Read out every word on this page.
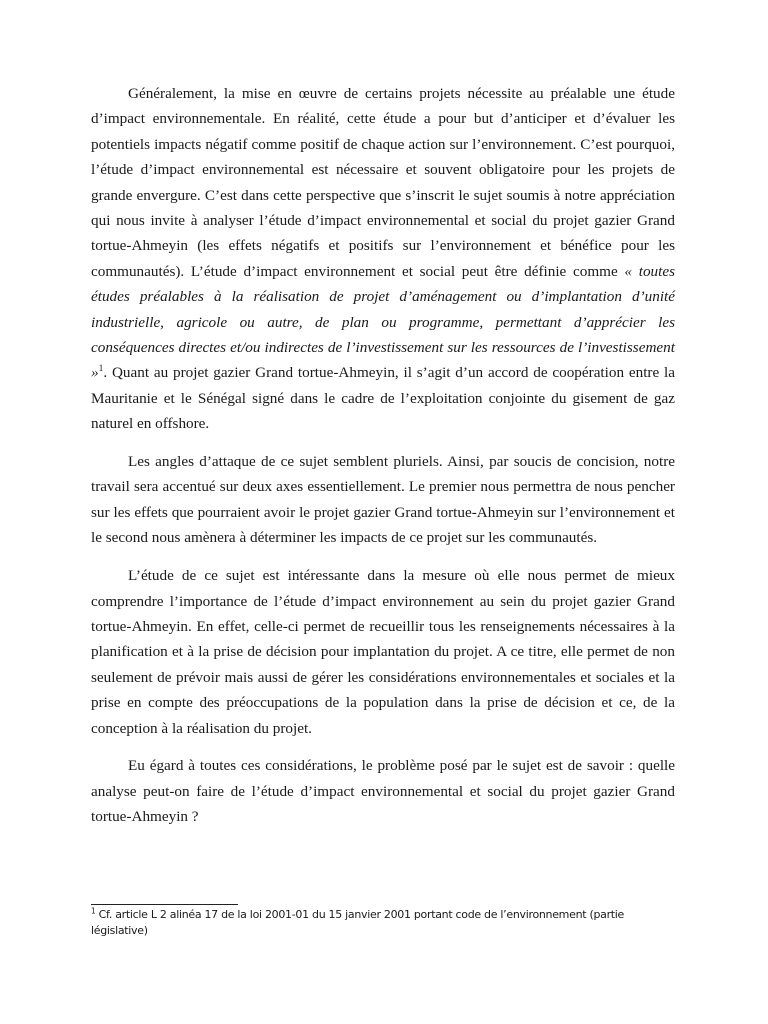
Généralement, la mise en œuvre de certains projets nécessite au préalable une étude d’impact environnementale. En réalité, cette étude a pour but d’anticiper et d’évaluer les potentiels impacts négatif comme positif de chaque action sur l’environnement. C’est pourquoi, l’étude d’impact environnemental est nécessaire et souvent obligatoire pour les projets de grande envergure. C’est dans cette perspective que s’inscrit le sujet soumis à notre appréciation qui nous invite à analyser l’étude d’impact environnemental et social du projet gazier Grand tortue-Ahmeyin (les effets négatifs et positifs sur l’environnement et bénéfice pour les communautés). L’étude d’impact environnement et social peut être définie comme « toutes études préalables à la réalisation de projet d’aménagement ou d’implantation d’unité industrielle, agricole ou autre, de plan ou programme, permettant d’apprécier les conséquences directes et/ou indirectes de l’investissement sur les ressources de l’investissement »$^1$. Quant au projet gazier Grand tortue-Ahmeyin, il s’agit d’un accord de coopération entre la Mauritanie et le Sénégal signé dans le cadre de l’exploitation conjointe du gisement de gaz naturel en offshore.

Les angles d’attaque de ce sujet semblent pluriels. Ainsi, par soucis de concision, notre travail sera accentué sur deux axes essentiellement. Le premier nous permettra de nous pencher sur les effets que pourraient avoir le projet gazier Grand tortue-Ahmeyin sur l’environnement et le second nous amènera à déterminer les impacts de ce projet sur les communautés.

L’étude de ce sujet est intéressante dans la mesure où elle nous permet de mieux comprendre l’importance de l’étude d’impact environnement au sein du projet gazier Grand tortue-Ahmeyin. En effet, celle-ci permet de recueillir tous les renseignements nécessaires à la planification et à la prise de décision pour implantation du projet. A ce titre, elle permet de non seulement de prévoir mais aussi de gérer les considérations environnementales et sociales et la prise en compte des préoccupations de la population dans la prise de décision et ce, de la conception à la réalisation du projet.

Eu égard à toutes ces considérations, le problème posé par le sujet est de savoir : quelle analyse peut-on faire de l’étude d’impact environnemental et social du projet gazier Grand tortue-Ahmeyin ?

$^1$ Cf. article L 2 alinéa 17 de la loi 2001-01 du 15 janvier 2001 portant code de l’environnement (partie législative)
